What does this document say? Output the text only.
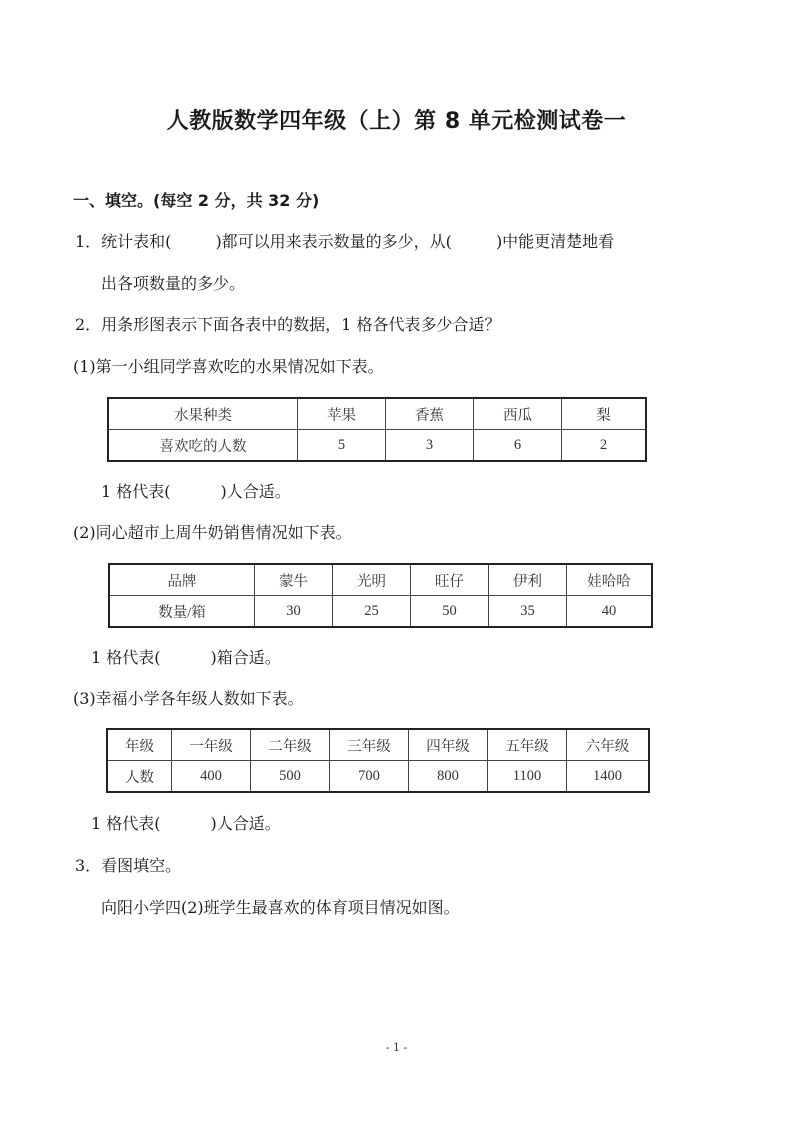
人教版数学四年级（上）第 8 单元检测试卷一
一、填空。(每空 2 分，共 32 分)
1．统计表和(	)都可以用来表示数量的多少，从(	)中能更清楚地看
出各项数量的多少。
2．用条形图表示下面各表中的数据，1 格各代表多少合适？
(1)第一小组同学喜欢吃的水果情况如下表。
水果种类	苹果	香蕉	西瓜	梨
喜欢吃的人数	5	3	6	2
1 格代表(	)人合适。
(2)同心超市上周牛奶销售情况如下表。
品牌	蒙牛	光明	旺仔	伊利	娃哈哈
数量/箱	30	25	50	35	40
1 格代表(	)箱合适。
(3)幸福小学各年级人数如下表。
年级	一年级	二年级	三年级	四年级	五年级	六年级
人数	400	500	700	800	1100	1400
1 格代表(	)人合适。
3．看图填空。
向阳小学四(2)班学生最喜欢的体育项目情况如图。
- 1 -
